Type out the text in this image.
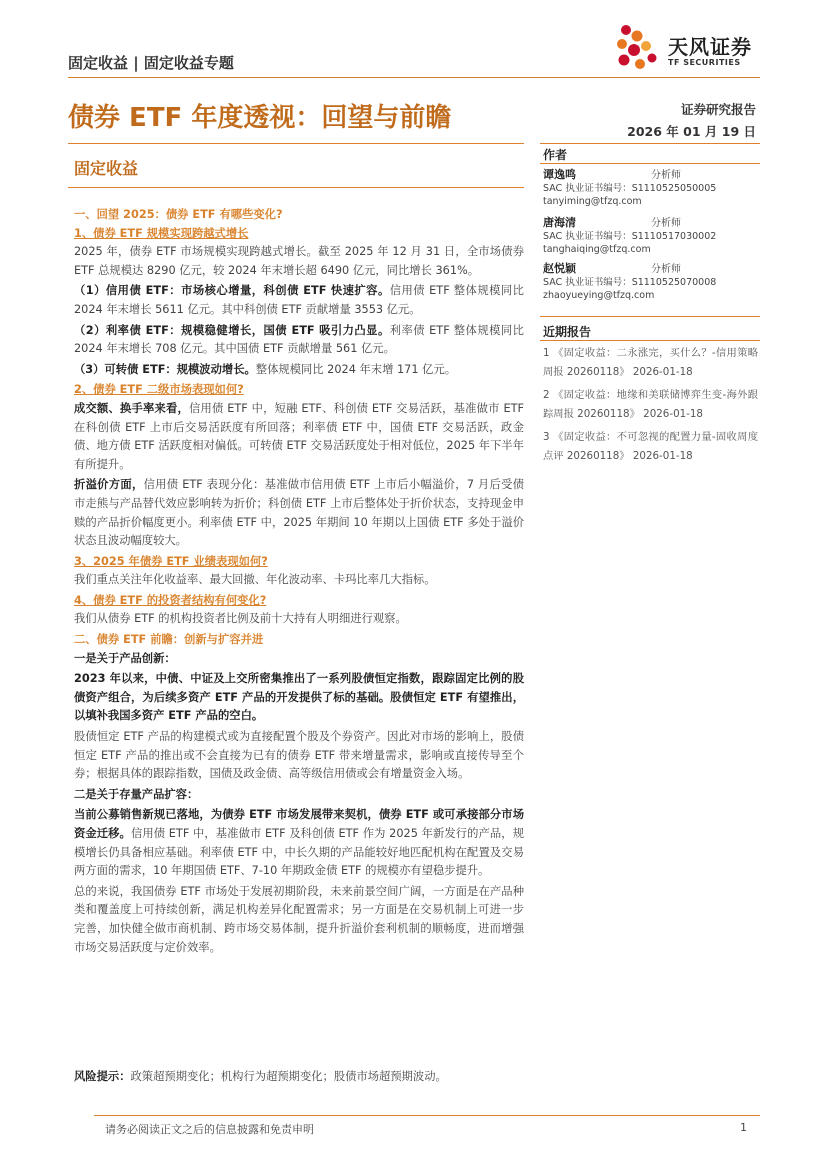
固定收益 | 固定收益专题
天风证券
TF SECURITIES
债券 ETF 年度透视：回望与前瞻	证券研究报告
2026 年 01 月 19 日
固定收益
作者
谭逸鸣	分析师
SAC 执业证书编号：S1110525050005
tanyiming@tfzq.com
唐海清	分析师
SAC 执业证书编号：S1110517030002
tanghaiqing@tfzq.com
赵悦颖	分析师
SAC 执业证书编号：S1110525070008
zhaoyueying@tfzq.com
近期报告
1 《固定收益：二永涨完，买什么？-信用策略周报 20260118》 2026-01-18
2 《固定收益：地缘和美联储博弈生变-海外跟踪周报 20260118》 2026-01-18
3 《固定收益：不可忽视的配置力量-固收周度点评 20260118》 2026-01-18

一、回望 2025：债券 ETF 有哪些变化?

1、债券 ETF 规模实现跨越式增长

2025 年，债券 ETF 市场规模实现跨越式增长。截至 2025 年 12 月 31 日，全市场债券 ETF 总规模达 8290 亿元，较 2024 年末增长超 6490 亿元，同比增长 361%。

（1）信用债 ETF：市场核心增量，科创债 ETF 快速扩容。信用债 ETF 整体规模同比 2024 年末增长 5611 亿元。其中科创债 ETF 贡献增量 3553 亿元。

（2）利率债 ETF：规模稳健增长，国债 ETF 吸引力凸显。利率债 ETF 整体规模同比 2024 年末增长 708 亿元。其中国债 ETF 贡献增量 561 亿元。

（3）可转债 ETF：规模波动增长。整体规模同比 2024 年末增 171 亿元。

2、债券 ETF 二级市场表现如何?

成交额、换手率来看，信用债 ETF 中，短融 ETF、科创债 ETF 交易活跃，基准做市 ETF 在科创债 ETF 上市后交易活跃度有所回落；利率债 ETF 中，国债 ETF 交易活跃，政金债、地方债 ETF 活跃度相对偏低。可转债 ETF 交易活跃度处于相对低位，2025 年下半年有所提升。

折溢价方面，信用债 ETF 表现分化：基准做市信用债 ETF 上市后小幅溢价，7 月后受债市走熊与产品替代效应影响转为折价；科创债 ETF 上市后整体处于折价状态，支持现金申赎的产品折价幅度更小。利率债 ETF 中，2025 年期间 10 年期以上国债 ETF 多处于溢价状态且波动幅度较大。

3、2025 年债券 ETF 业绩表现如何?

我们重点关注年化收益率、最大回撤、年化波动率、卡玛比率几大指标。

4、债券 ETF 的投资者结构有何变化?

我们从债券 ETF 的机构投资者比例及前十大持有人明细进行观察。

二、债券 ETF 前瞻：创新与扩容并进

一是关于产品创新：

2023 年以来，中债、中证及上交所密集推出了一系列股债恒定指数，跟踪固定比例的股债资产组合，为后续多资产 ETF 产品的开发提供了标的基础。股债恒定 ETF 有望推出，以填补我国多资产 ETF 产品的空白。

股债恒定 ETF 产品的构建模式或为直接配置个股及个券资产。因此对市场的影响上，股债恒定 ETF 产品的推出或不会直接为已有的债券 ETF 带来增量需求，影响或直接传导至个券；根据具体的跟踪指数，国债及政金债、高等级信用债或会有增量资金入场。

二是关于存量产品扩容：

当前公募销售新规已落地，为债券 ETF 市场发展带来契机，债券 ETF 或可承接部分市场资金迁移。信用债 ETF 中，基准做市 ETF 及科创债 ETF 作为 2025 年新发行的产品，规模增长仍具备相应基础。利率债 ETF 中，中长久期的产品能较好地匹配机构在配置及交易两方面的需求，10 年期国债 ETF、7-10 年期政金债 ETF 的规模亦有望稳步提升。

总的来说，我国债券 ETF 市场处于发展初期阶段，未来前景空间广阔，一方面是在产品种类和覆盖度上可持续创新，满足机构差异化配置需求；另一方面是在交易机制上可进一步完善，加快健全做市商机制、跨市场交易体制，提升折溢价套利机制的顺畅度，进而增强市场交易活跃度与定价效率。

风险提示：政策超预期变化；机构行为超预期变化；股债市场超预期波动。
请务必阅读正文之后的信息披露和免责申明	1
